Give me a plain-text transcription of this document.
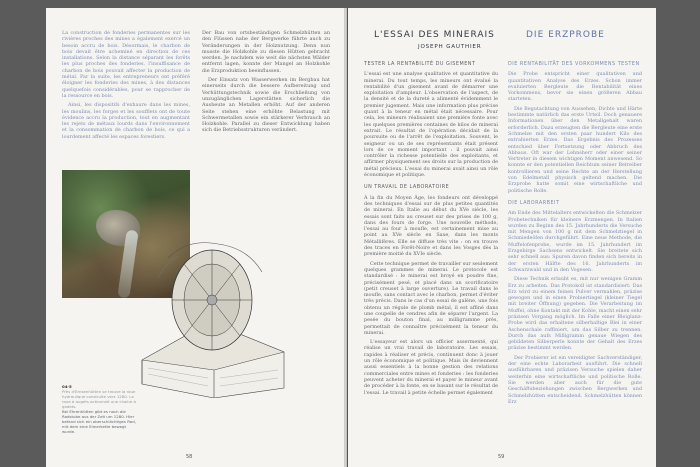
La construction de fonderies permanentes sur les rivières proches des mines a également exercé un besoin accru de bois. Désormais, le charbon de bois devait être acheminé en direction de ces installations. Selon la distance séparant les forêts les plus proches des fonderies, l'insuffisance de charbon de bois pouvait affecter la production de métal. Par la suite, les entrepreneurs ont préféré éloigner les fonderies des mines, à des distances quelquefois considérables, pour se rapprocher de la ressource en bois.

Ainsi, les dispositifs d'exhaure dans les mines, les moulins, les forges et les soufflets ont de toute évidence accru la production, tout en augmentant les rejets de métaux lourds dans l'environnement et la consommation de charbon de bois, ce qui a lourdement affecté les espaces forestiers.

Der Bau von ortsbeständigen Schmelzhütten an den Flüssen nahe der Bergwerke führte auch zu Veränderungen in der Holznutzung. Denn nun musste die Holzkohle zu diesen Hütten gebracht werden. Je nachdem wie weit die nächsten Wälder entfernt lagen, konnte der Mangel an Holzkohle die Erzproduktion beeinflussen.

Der Einsatz von Wasserwerken im Bergbau hat einerseits durch die bessere Aufbereitung und Verhüttungstechnik sowie die Erschließung von unzugänglichen Lagerstätten sicherlich die Ausbeute an Metallen erhöht. Auf der anderen Seite stehen eine erhöhte Belastung mit Schwermetallen sowie ein stärkerer Verbrauch an Holzkohle. Parallel zu dieser Entwicklung haben sich die Betriebsstrukturen verändert.

04-5
Près d'Ernsenhütten se trouve la roue hydraulique construite vers 1280. La roue à augets actionnait une chaîne à godets.
Bei Ehrenhütten gibt es noch die Radstube aus der Zeit um 1280. Hier befand sich ein oberschlächtiges Rad, mit dem eine Eimerkette bewegt wurde.
58
L'ESSAI DES MINERAIS	DIE ERZPROBE
JOSEPH GAUTHIER
TESTER LA RENTABILITÉ DU GISEMENT

L'essai est une analyse qualitative et quantitative du minerai. Du tout temps, les mineurs ont évalué la rentabilité d'un gisement avant de démarrer une exploitation d'ampleur. L'observation de l'aspect, de la densité et de la dureté a alimenté évidemment le premier jugement. Mais une information plus précise quant à la teneur en métal était nécessaire. Pour cela, les mineurs réalisaient une première fonte avec les quelques premières centaines de kilos de minerai extrait. Le résultat de l'opération décidait de la poursuite ou de l'arrêt de l'exploitation. Souvent, le seigneur ou un de ses représentants était présent lors de ce moment important : il pouvait ainsi contrôler la richesse potentielle des exploitants, et affirmer physiquement ses droits sur la production de métal précieux. L'essai du minerai avait ainsi un rôle économique et politique.

UN TRAVAIL DE LABORATOIRE

À la fin du Moyen Âge, les fondeurs ont développé des techniques d'essai sur de plus petites quantités de minerai. En Italie au début du XVe siècle, les essais sont faits au creuset sur des prises de 100 g, dans des fours de forge. Une nouvelle méthode, l'essai au four à moufle, est certainement mise au point au XVe siècle en Saxe, dans les monts Métallifères. Elle se diffuse très vite : on en trouve des traces en Forêt-Noire et dans les Vosges dès la première moitié du XVIe siècle.

Cette technique permet de travailler sur seulement quelques grammes de minerai. Le protocole est standardisé : le minerai est broyé en poudre fine, précisément pesé, et placé dans un scorificatoire (petit creuset à large ouverture). Le travail dans le moufle, sans contact avec le charbon, permet d'éviter très précis. Dans le cas d'un essai de galène, une fois obtenu un régule de plomb métal, il est affiné dans une coupelle de cendres afin de séparer l'argent. La pesée du bouton final, au milligramme près, permettait de connaître précisément la teneur du minerai.

L'essayeur est alors un officier assermenté, qui réalise un vrai travail de laboratoire. Les essais, rapides à réaliser et précis, continuent donc à jouer un rôle économique et politique. Mais ils deviennent aussi essentiels à la bonne gestion des relations commerciales entre mines et fonderies : les fonderies peuvent acheter du minerai et payer le mineur avant de procéder à la fonte, en se basant sur le résultat de l'essai. Le travail à petite échelle permet également

DIE RENTABILITÄT DES VORKOMMENS TESTEN

Die Probe entspricht einer qualitativen und quantitativen Analyse des Erzes. Schon immer evaluierten Bergleute die Rentabilität eines Vorkommens, bevor sie einen größeren Abbau starteten.

Die Begutachtung von Aussehen, Dichte und Härte bestimmte natürlich das erste Urteil. Doch genauere Informationen über den Metallgehalt waren erforderlich. Dazu erzeugten die Bergleute eine erste Schmelze mit den ersten paar hundert Kilo des extrahierten Erzes. Das Ergebnis des Prozesses entschied über Fortsetzung oder Abbruch des Abbaus. Oft war der Lehnsherr oder einer seiner Vertreter in diesem wichtigen Moment anwesend. So konnte er den potentiellen Reichtum seiner Betreiber kontrollieren und seine Rechte an der Herstellung von Edelmetall physisch geltend machen. Die Erzprobe hatte somit eine wirtschaftliche und politische Rolle.

DIE LABORARBEIT

Am Ende des Mittelalters entwickelten die Schmelzer Probetechniken für kleinere Erzmengen. In Italien wurden zu Beginn des 15. Jahrhunderts die Versuche mit Mengen von 100 g mit dem Schmelztiegel in Schmiedeöfen durchgeführt. Eine neue Methode, die Muffelofenprobe, wurde im 15. Jahrhundert im Erzgebirge Sachsens entwickelt. Sie breitete sich sehr schnell aus: Spuren davon finden sich bereits in der ersten Hälfte des 16. Jahrhunderts im Schwarzwald und in den Vogesen.

Diese Technik erlaubt es, mit nur wenigen Gramm Erz zu arbeiten. Das Protokoll ist standardisiert: Das Erz wird zu einem feinen Pulver vermahlen, präzise gewogen und in einen Probiertiegel (kleiner Tiegel mit breiter Öffnung) gegeben. Die Verarbeitung im Muffel, ohne Kontakt mit der Kohle, macht einen sehr präzisen Vorgang möglich. Im Falle einer Bleiglanz-Probe wird das erhaltene silberhaltige Blei in einer Aschenschale raffiniert, um das Silber zu trennen. Durch das aufs Milligramm genaue Wiegen des gebildeten Silberperle konnte der Gehalt des Erzes präzise bestimmt werden.

Der Probierer ist ein vereidigter Sachverständiger, der eine echte Laborarbeit ausführt. Die schnell ausführbaren und präzisen Versuche spielen daher weiterhin eine wirtschaftliche und politische Rolle. Sie werden aber auch für die gute Geschäftsbeziehungen zwischen Bergwerken und Schmelzhütten entscheidend. Schmelzhütten können Erz

59
